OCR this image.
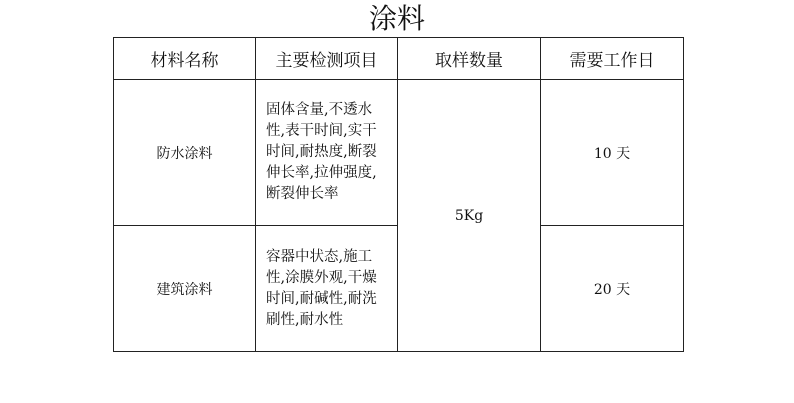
涂料
材料名称	主要检测项目	取样数量	需要工作日
防水涂料	固体含量,不透水性,表干时间,实干时间,耐热度,断裂伸长率,拉伸强度,断裂伸长率	5Kg	10 天
建筑涂料	容器中状态,施工性,涂膜外观,干燥时间,耐碱性,耐洗刷性,耐水性		20 天
